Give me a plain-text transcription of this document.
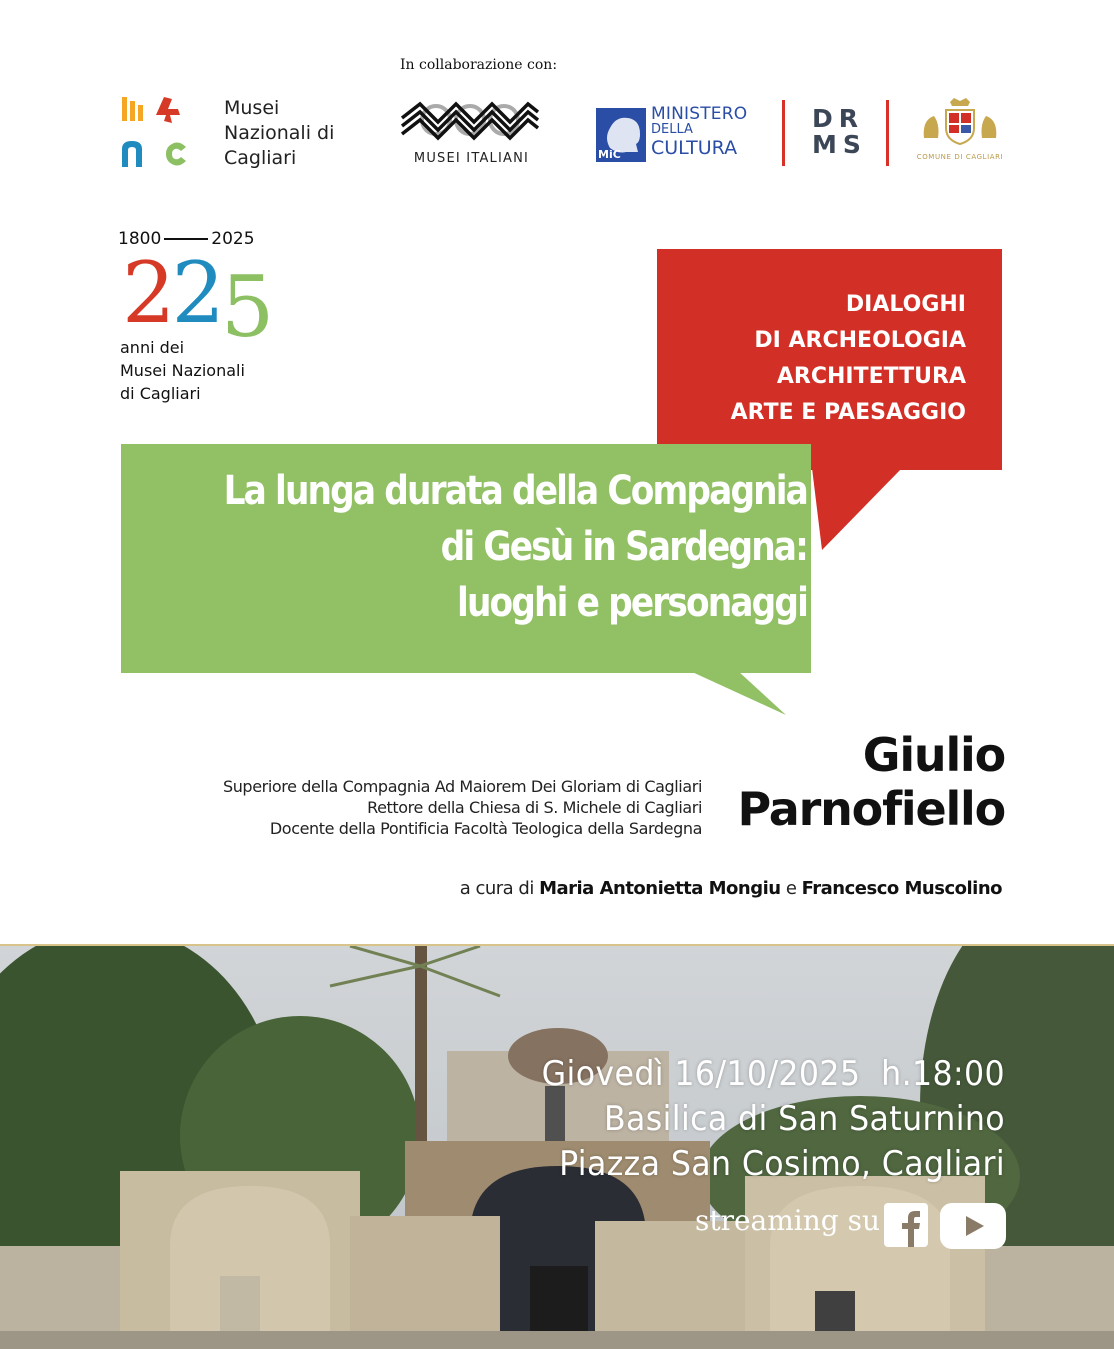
In collaborazione con:
Musei
Nazionali di
Cagliari	MUSEI ITALIANI	MiC
MINISTERO
DELLA
CULTURA
DR
MS	COMUNE DI CAGLIARI
1800	2025
225
anni dei
Musei Nazionali
di Cagliari
DIALOGHI
DI ARCHEOLOGIA
ARCHITETTURA
ARTE E PAESAGGIO
La lunga durata della Compagnia
di Gesù in Sardegna:
luoghi e personaggi
Giulio
Parnofiello
Superiore della Compagnia Ad Maiorem Dei Gloriam di Cagliari
Rettore della Chiesa di S. Michele di Cagliari
Docente della Pontificia Facoltà Teologica della Sardegna
a cura di Maria Antonietta Mongiu e Francesco Muscolino
Giovedì 16/10/2025  h.18:00
Basilica di San Saturnino
Piazza San Cosimo, Cagliari
streaming su
